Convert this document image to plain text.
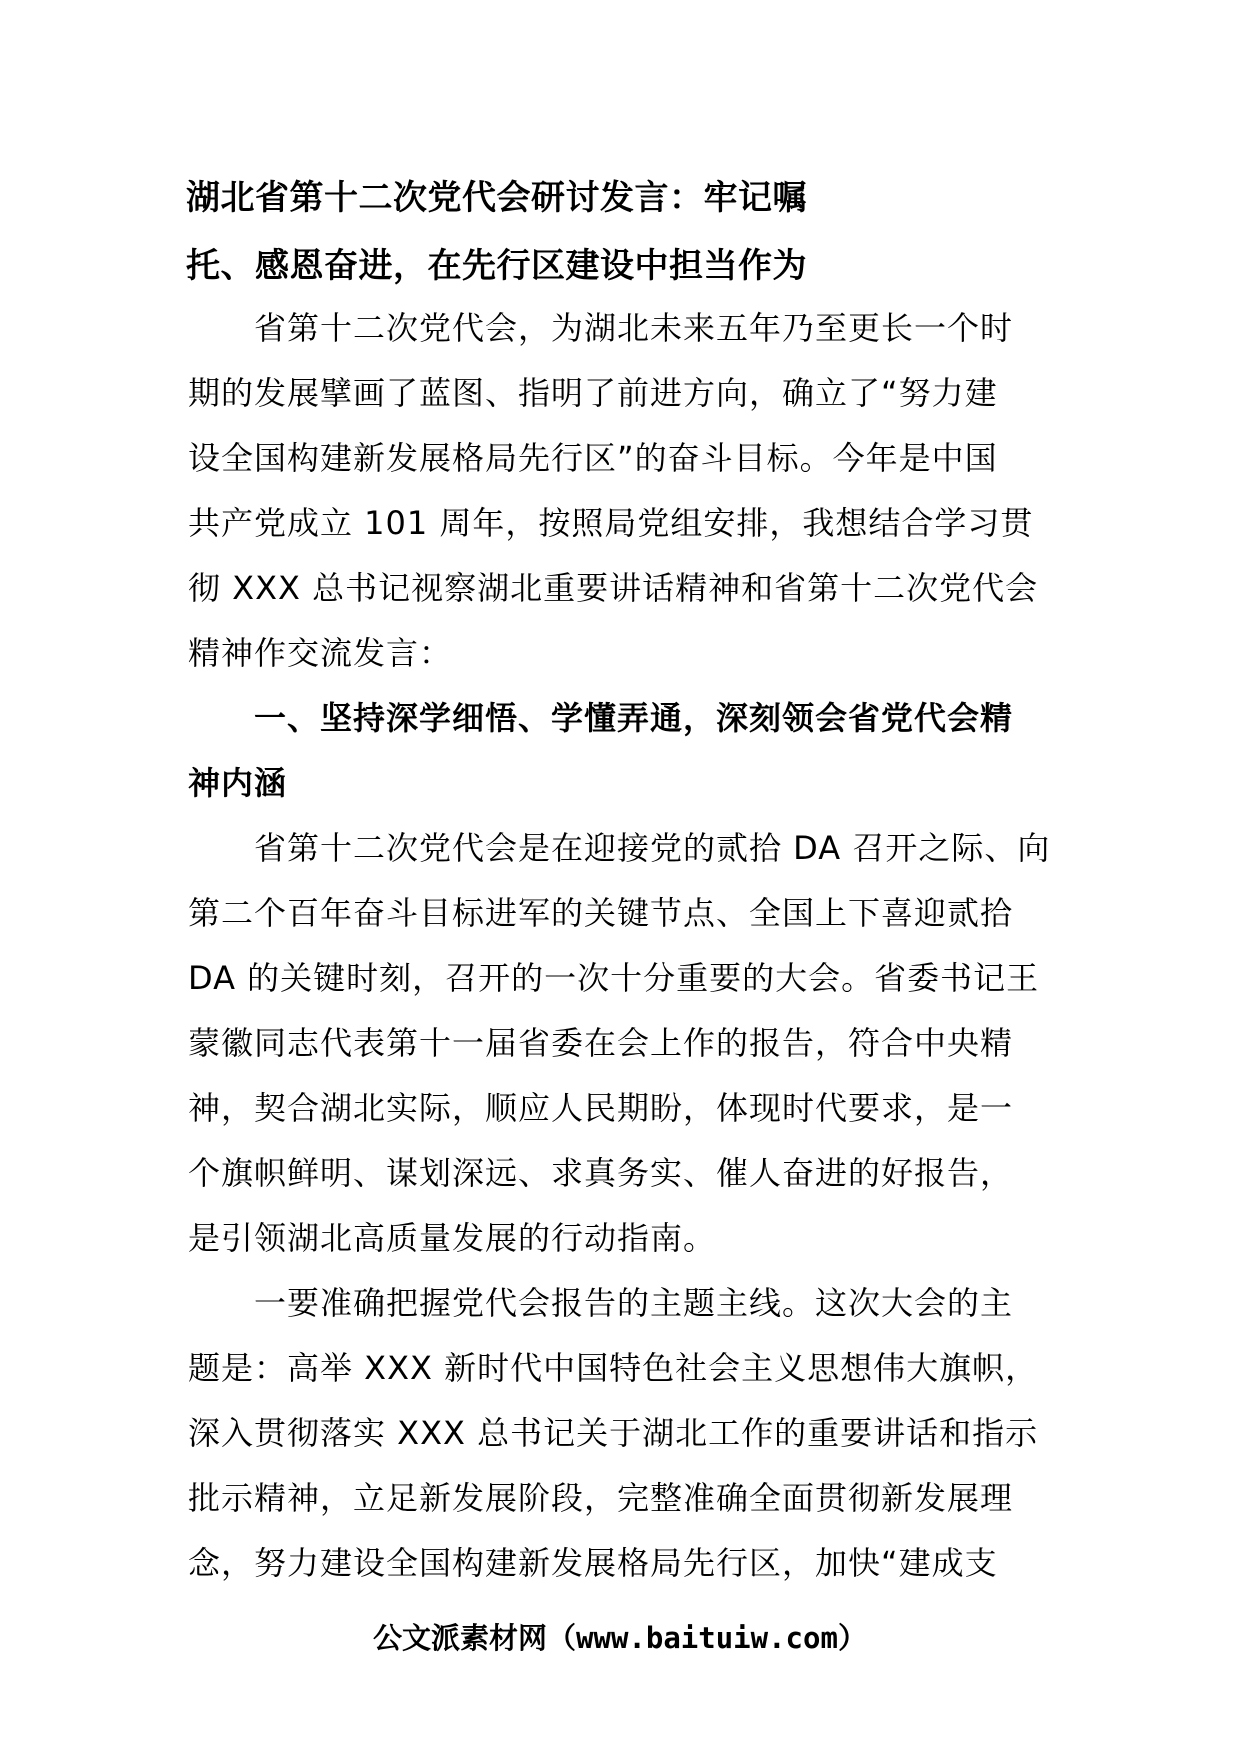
湖北省第十二次党代会研讨发言：牢记嘱
托、感恩奋进，在先行区建设中担当作为
省第十二次党代会，为湖北未来五年乃至更长一个时
期的发展擘画了蓝图、指明了前进方向，确立了“努力建
设全国构建新发展格局先行区”的奋斗目标。今年是中国
共产党成立 101 周年，按照局党组安排，我想结合学习贯
彻 XXX 总书记视察湖北重要讲话精神和省第十二次党代会
精神作交流发言：
一、坚持深学细悟、学懂弄通，深刻领会省党代会精
神内涵
省第十二次党代会是在迎接党的贰拾 DA 召开之际、向
第二个百年奋斗目标进军的关键节点、全国上下喜迎贰拾
DA 的关键时刻，召开的一次十分重要的大会。省委书记王
蒙徽同志代表第十一届省委在会上作的报告，符合中央精
神，契合湖北实际，顺应人民期盼，体现时代要求，是一
个旗帜鲜明、谋划深远、求真务实、催人奋进的好报告，
是引领湖北高质量发展的行动指南。
一要准确把握党代会报告的主题主线。这次大会的主
题是：高举 XXX 新时代中国特色社会主义思想伟大旗帜，
深入贯彻落实 XXX 总书记关于湖北工作的重要讲话和指示
批示精神，立足新发展阶段，完整准确全面贯彻新发展理
念，努力建设全国构建新发展格局先行区，加快“建成支
公文派素材网（www.baituiw.com）
